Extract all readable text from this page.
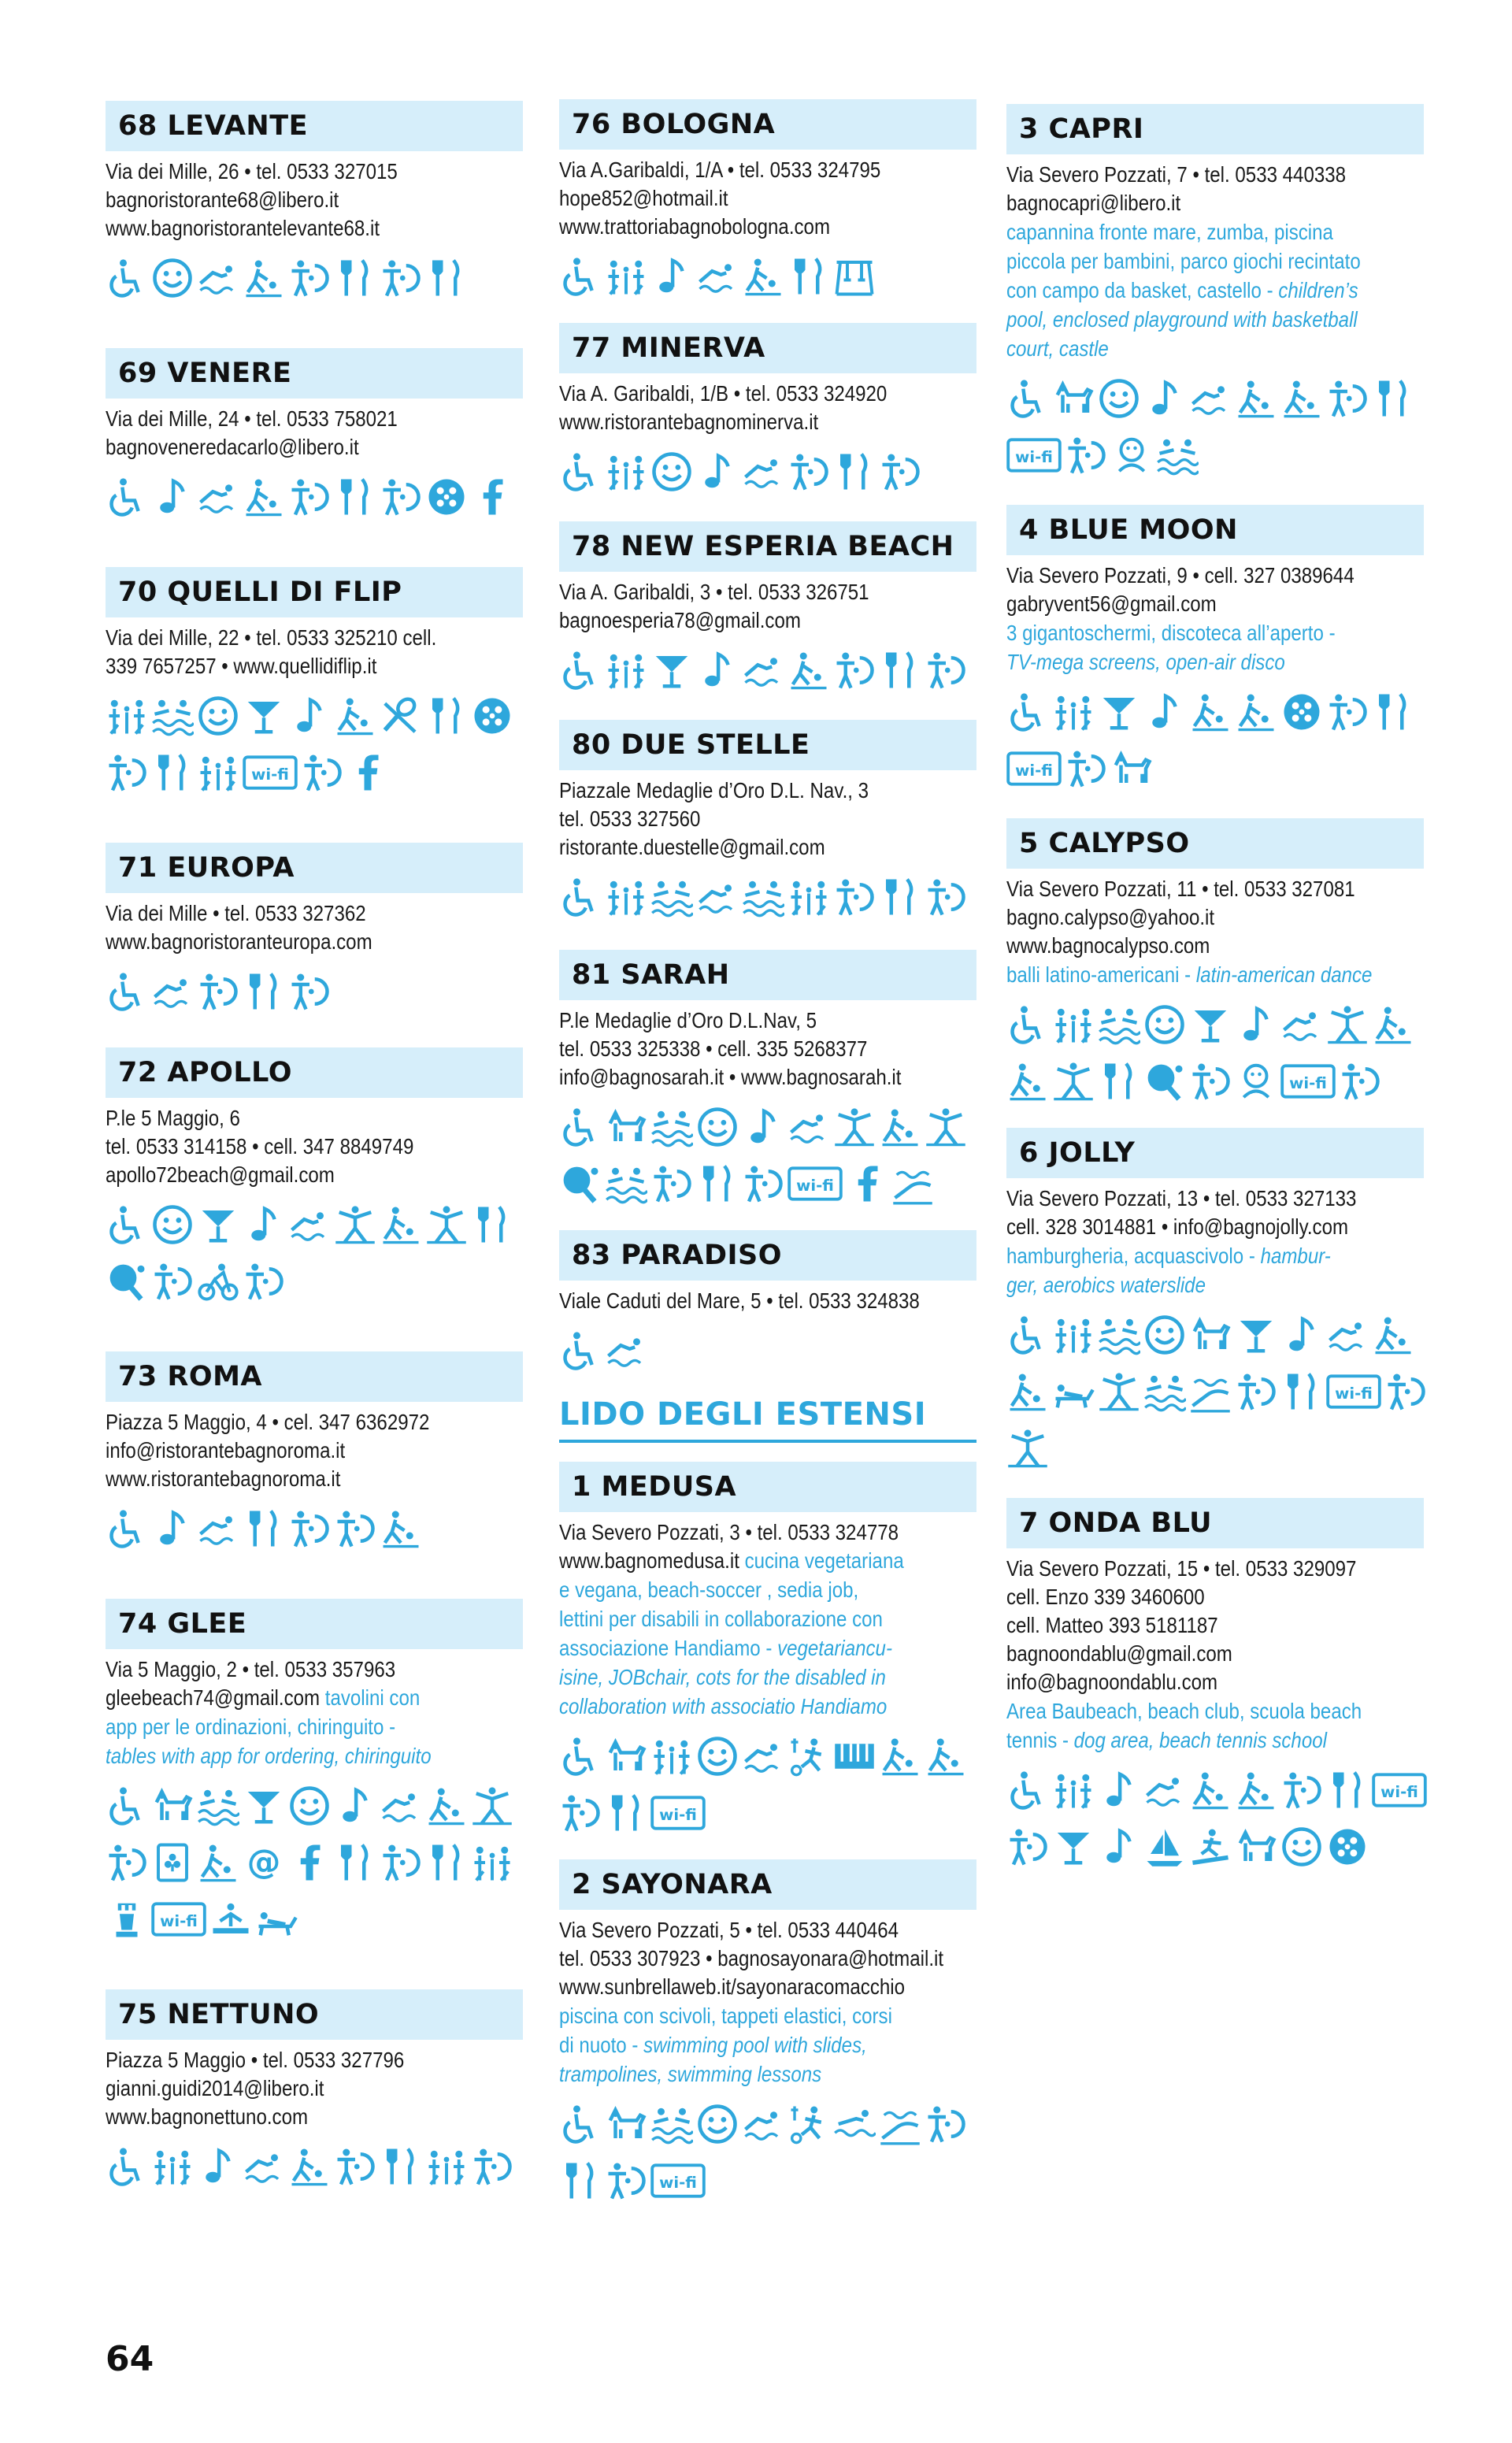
68 LEVANTE
Via dei Mille, 26 • tel. 0533 327015
bagnoristorante68@libero.it
www.bagnoristorantelevante68.it
69 VENERE
Via dei Mille, 24 • tel. 0533 758021
bagnoveneredacarlo@libero.it
70 QUELLI DI FLIP
Via dei Mille, 22 • tel. 0533 325210 cell.
339 7657257 • www.quellidiflip.it
71 EUROPA
Via dei Mille • tel. 0533 327362
www.bagnoristoranteuropa.com
72 APOLLO
P.le 5 Maggio, 6
tel. 0533 314158 • cell. 347 8849749
apollo72beach@gmail.com
73 ROMA
Piazza 5 Maggio, 4 • cel. 347 6362972
info@ristorantebagnoroma.it
www.ristorantebagnoroma.it
74 GLEE
Via 5 Maggio, 2 • tel. 0533 357963
gleebeach74@gmail.com tavolini con
app per le ordinazioni, chiringuito -
tables with app for ordering, chiringuito
75 NETTUNO
Piazza 5 Maggio • tel. 0533 327796
gianni.guidi2014@libero.it
www.bagnonettuno.com
76 BOLOGNA
Via A.Garibaldi, 1/A • tel. 0533 324795
hope852@hotmail.it
www.trattoriabagnobologna.com
77 MINERVA
Via A. Garibaldi, 1/B • tel. 0533 324920
www.ristorantebagnominerva.it
78 NEW ESPERIA BEACH
Via A. Garibaldi, 3 • tel. 0533 326751
bagnoesperia78@gmail.com
80 DUE STELLE
Piazzale Medaglie d’Oro D.L. Nav., 3
tel. 0533 327560
ristorante.duestelle@gmail.com
81 SARAH
P.le Medaglie d’Oro D.L.Nav, 5
tel. 0533 325338 • cell. 335 5268377
info@bagnosarah.it • www.bagnosarah.it
83 PARADISO
Viale Caduti del Mare, 5 • tel. 0533 324838
LIDO DEGLI ESTENSI
1 MEDUSA
Via Severo Pozzati, 3 • tel. 0533 324778
www.bagnomedusa.it cucina vegetariana
e vegana, beach-soccer , sedia job,
lettini per disabili in collaborazione con
associazione Handiamo - vegetariancu-
isine, JOBchair, cots for the disabled in
collaboration with associatio Handiamo
2 SAYONARA
Via Severo Pozzati, 5 • tel. 0533 440464
tel. 0533 307923 • bagnosayonara@hotmail.it
www.sunbrellaweb.it/sayonaracomacchio
piscina con scivoli, tappeti elastici, corsi
di nuoto - swimming pool with slides,
trampolines, swimming lessons
3 CAPRI
Via Severo Pozzati, 7 • tel. 0533 440338
bagnocapri@libero.it
capannina fronte mare, zumba, piscina
piccola per bambini, parco giochi recintato
con campo da basket, castello - children’s
pool, enclosed playground with basketball
court, castle
4 BLUE MOON
Via Severo Pozzati, 9 • cell. 327 0389644
gabryvent56@gmail.com
3 gigantoschermi, discoteca all’aperto -
TV-mega screens, open-air disco
5 CALYPSO
Via Severo Pozzati, 11 • tel. 0533 327081
bagno.calypso@yahoo.it
www.bagnocalypso.com
balli latino-americani - latin-american dance
6 JOLLY
Via Severo Pozzati, 13 • tel. 0533 327133
cell. 328 3014881 • info@bagnojolly.com
hamburgheria, acquascivolo - hambur-
ger, aerobics waterslide
7 ONDA BLU
Via Severo Pozzati, 15 • tel. 0533 329097
cell. Enzo 339 3460600
cell. Matteo 393 5181187
bagnoondablu@gmail.com
info@bagnoondablu.com
Area Baubeach, beach club, scuola beach
tennis - dog area, beach tennis school
64
